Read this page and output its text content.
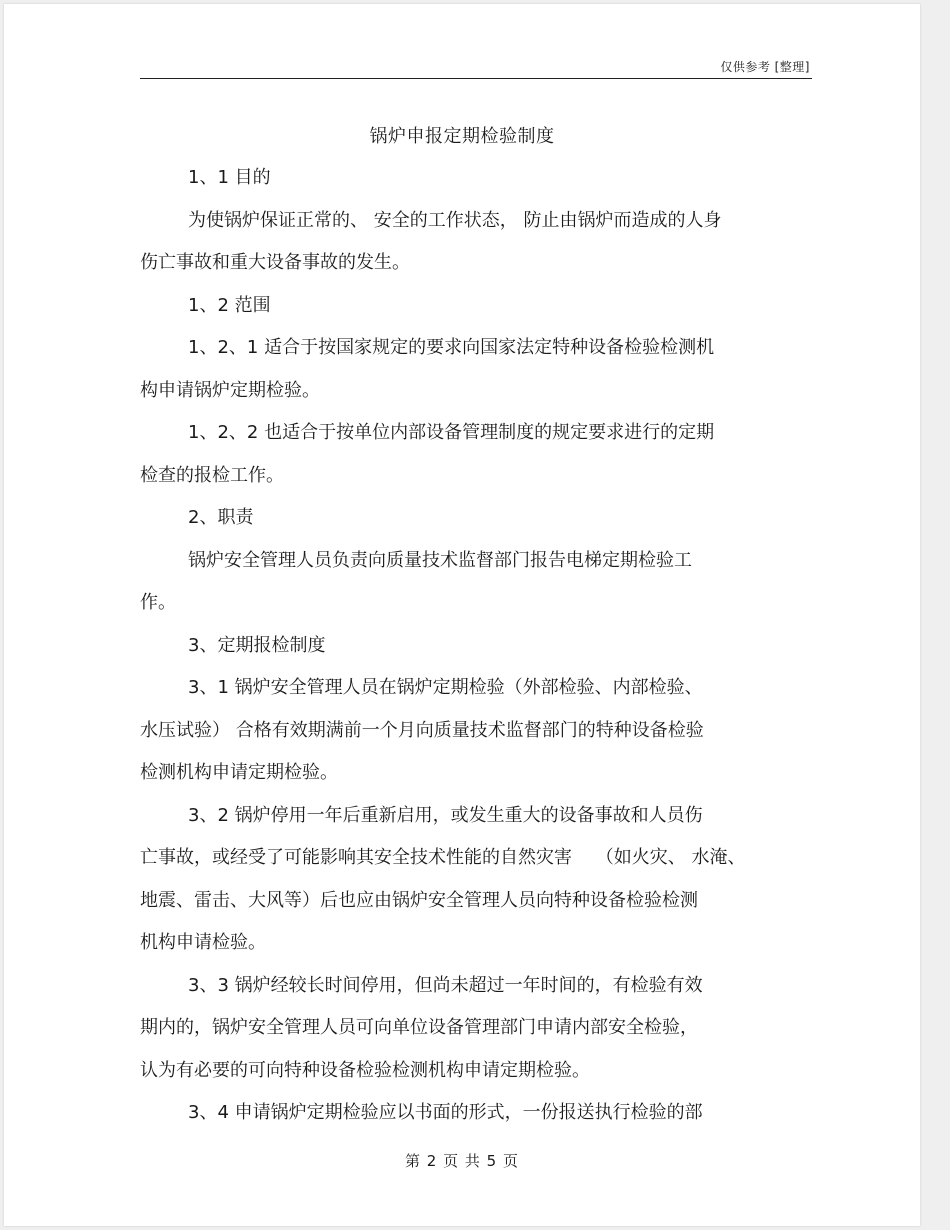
仅供参考 [整理]
锅炉申报定期检验制度

1、1 目的

为使锅炉保证正常的、 安全的工作状态， 防止由锅炉而造成的人身

伤亡事故和重大设备事故的发生。

1、2 范围

1、2、1 适合于按国家规定的要求向国家法定特种设备检验检测机

构申请锅炉定期检验。

1、2、2 也适合于按单位内部设备管理制度的规定要求进行的定期

检查的报检工作。

2、职责

锅炉安全管理人员负责向质量技术监督部门报告电梯定期检验工

作。

3、定期报检制度

3、1 锅炉安全管理人员在锅炉定期检验（外部检验、内部检验、

水压试验） 合格有效期满前一个月向质量技术监督部门的特种设备检验

检测机构申请定期检验。

3、2 锅炉停用一年后重新启用，或发生重大的设备事故和人员伤

亡事故，或经受了可能影响其安全技术性能的自然灾害　 （如火灾、 水淹、

地震、雷击、大风等）后也应由锅炉安全管理人员向特种设备检验检测

机构申请检验。

3、3 锅炉经较长时间停用，但尚未超过一年时间的，有检验有效

期内的，锅炉安全管理人员可向单位设备管理部门申请内部安全检验，

认为有必要的可向特种设备检验检测机构申请定期检验。

3、4 申请锅炉定期检验应以书面的形式，一份报送执行检验的部

第 2 页 共 5 页
